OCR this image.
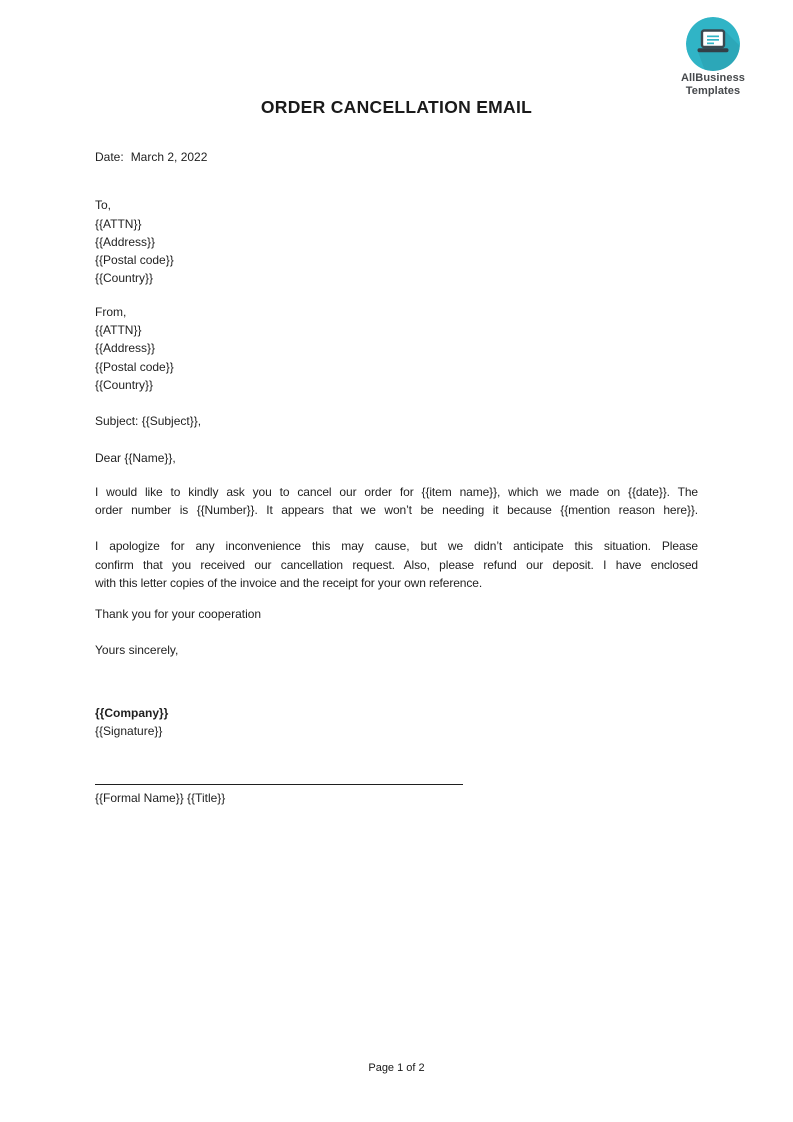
AllBusiness
Templates
ORDER CANCELLATION EMAIL
Date: March 2, 2022
To,
{{ATTN}}
{{Address}}
{{Postal code}}
{{Country}}
From,
{{ATTN}}
{{Address}}
{{Postal code}}
{{Country}}
Subject: {{Subject}},
Dear {{Name}},
I would like to kindly ask you to cancel our order for {{item name}}, which we made on {{date}}. The
order number is {{Number}}. It appears that we won’t be needing it because {{mention reason here}}.
I apologize for any inconvenience this may cause, but we didn’t anticipate this situation. Please
confirm that you received our cancellation request. Also, please refund our deposit. I have enclosed
with this letter copies of the invoice and the receipt for your own reference.
Thank you for your cooperation
Yours sincerely,
{{Company}}
{{Signature}}
{{Formal Name}} {{Title}}
Page 1 of 2
